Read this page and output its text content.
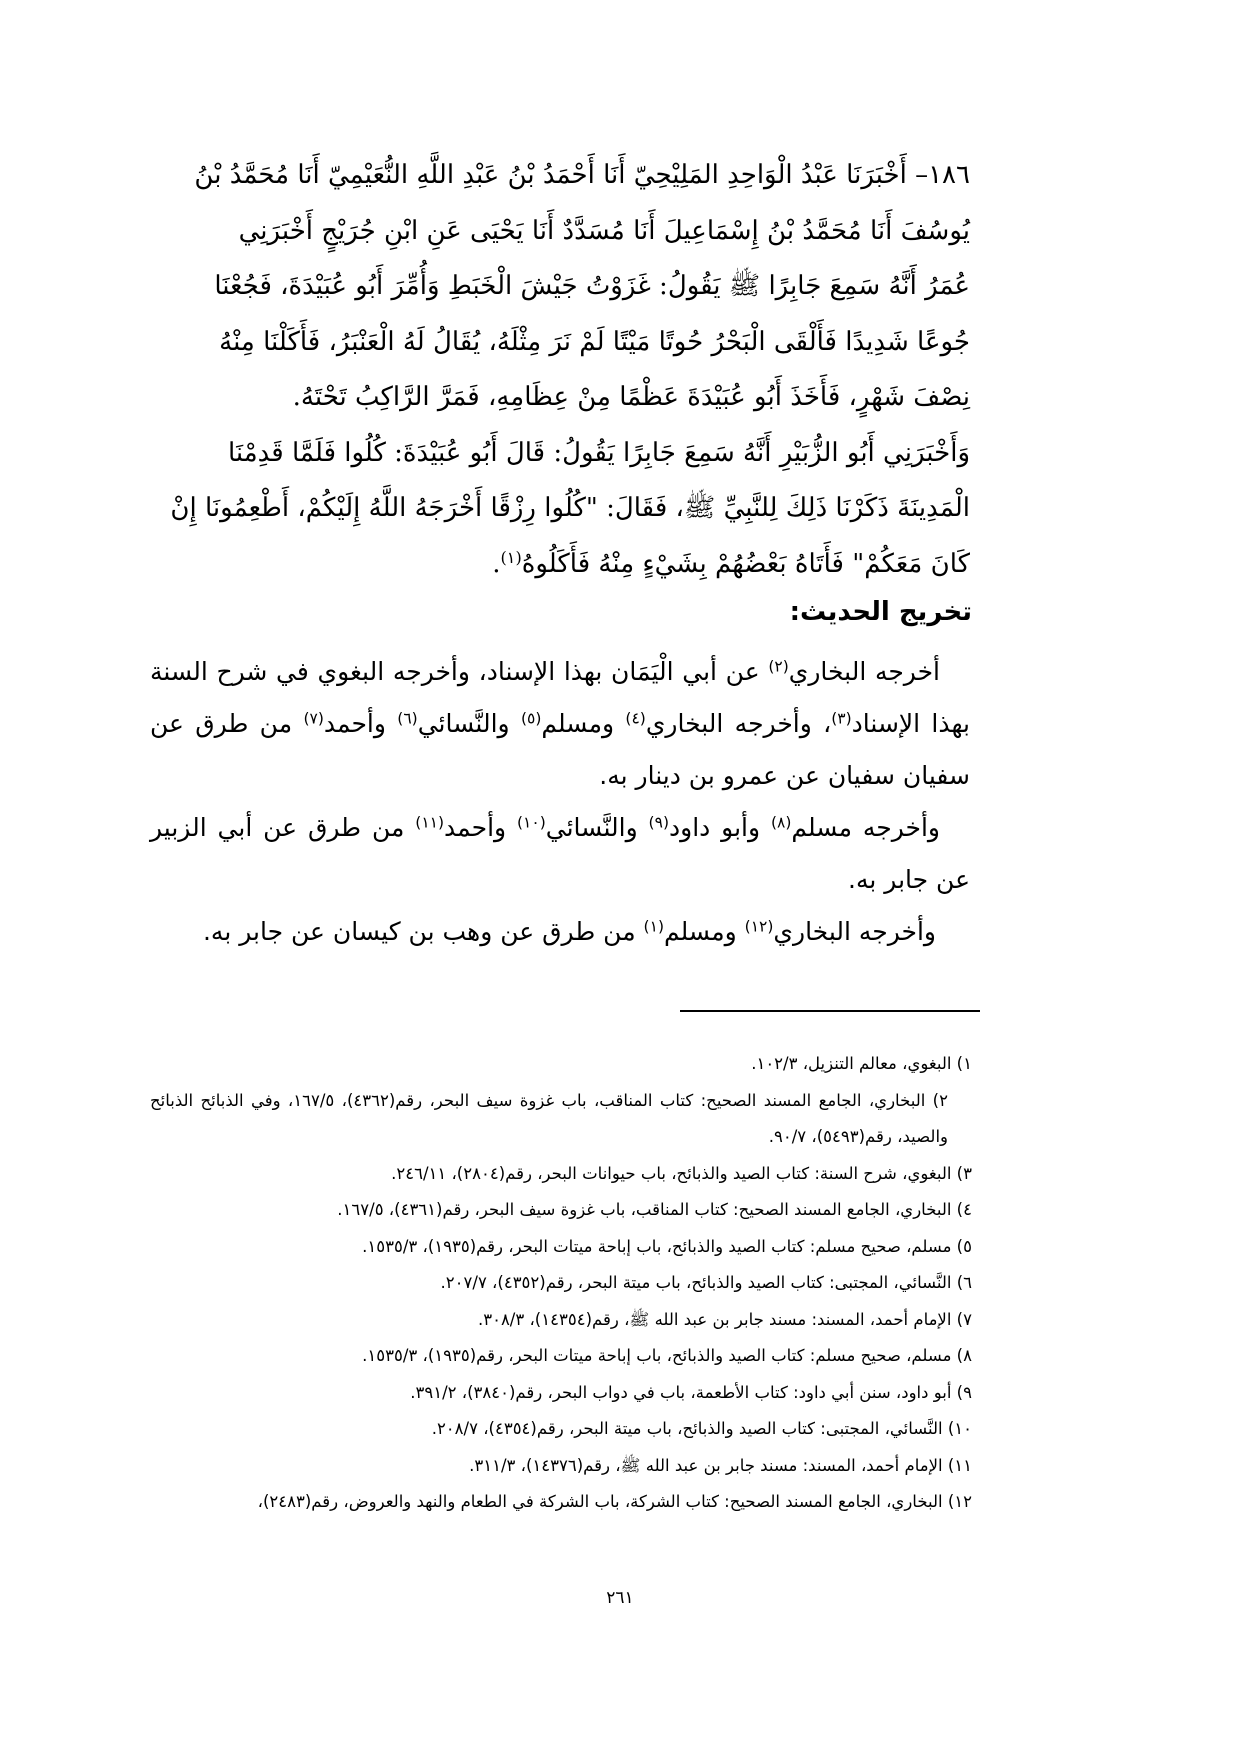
١٨٦– أَخْبَرَنَا عَبْدُ الْوَاحِدِ المَلِيْحِيّ أَنَا أَحْمَدُ بْنُ عَبْدِ اللَّهِ النُّعَيْمِيّ أَنَا مُحَمَّدُ بْنُ

يُوسُفَ أَنَا مُحَمَّدُ بْنُ إِسْمَاعِيلَ أَنَا مُسَدَّدٌ أَنَا يَحْيَى عَنِ ابْنِ جُرَيْجٍ أَخْبَرَنِي

عُمَرُ أَنَّهُ سَمِعَ جَابِرًا ﷺ يَقُولُ: غَزَوْتُ جَيْشَ الْخَبَطِ وَأُمِّرَ أَبُو عُبَيْدَةَ، فَجُعْنَا

جُوعًا شَدِيدًا فَأَلْقَى الْبَحْرُ حُوتًا مَيْتًا لَمْ نَرَ مِثْلَهُ، يُقَالُ لَهُ الْعَنْبَرُ، فَأَكَلْنَا مِنْهُ

نِصْفَ شَهْرٍ، فَأَخَذَ أَبُو عُبَيْدَةَ عَظْمًا مِنْ عِظَامِهِ، فَمَرَّ الرَّاكِبُ تَحْتَهُ.

وَأَخْبَرَنِي أَبُو الزُّبَيْرِ أَنَّهُ سَمِعَ جَابِرًا يَقُولُ: قَالَ أَبُو عُبَيْدَةَ: كُلُوا فَلَمَّا قَدِمْنَا

الْمَدِينَةَ ذَكَرْنَا ذَلِكَ لِلنَّبِيِّ ﷺ، فَقَالَ: "كُلُوا رِزْقًا أَخْرَجَهُ اللَّهُ إِلَيْكُمْ، أَطْعِمُونَا إِنْ

كَانَ مَعَكُمْ" فَأَتَاهُ بَعْضُهُمْ بِشَيْءٍ مِنْهُ فَأَكَلُوهُ$^{(١)}$.

تخريج الحديث:

أخرجه البخاري$^{(٢)}$ عن أبي الْيَمَان بهذا الإسناد، وأخرجه البغوي في شرح السنة بهذا الإسناد$^{(٣)}$، وأخرجه البخاري$^{(٤)}$ ومسلم$^{(٥)}$ والنَّسائي$^{(٦)}$ وأحمد$^{(٧)}$ من طرق عن سفيان سفيان عن عمرو بن دينار به.

وأخرجه مسلم$^{(٨)}$ وأبو داود$^{(٩)}$ والنَّسائي$^{(١٠)}$ وأحمد$^{(١١)}$ من طرق عن أبي الزبير عن جابر به.

وأخرجه البخاري$^{(١٢)}$ ومسلم$^{(١)}$ من طرق عن وهب بن كيسان عن جابر به.

١) البغوي، معالم التنزيل، ١٠٢/٣.

٢) البخاري، الجامع المسند الصحيح: كتاب المناقب، باب غزوة سيف البحر، رقم(٤٣٦٢)، ١٦٧/٥، وفي الذبائح الذبائح والصيد، رقم(٥٤٩٣)، ٩٠/٧.

٣) البغوي، شرح السنة: كتاب الصيد والذبائح، باب حيوانات البحر، رقم(٢٨٠٤)، ٢٤٦/١١.

٤) البخاري، الجامع المسند الصحيح: كتاب المناقب، باب غزوة سيف البحر، رقم(٤٣٦١)، ١٦٧/٥.

٥) مسلم، صحيح مسلم: كتاب الصيد والذبائح، باب إباحة ميتات البحر، رقم(١٩٣٥)، ١٥٣٥/٣.

٦) النَّسائي، المجتبى: كتاب الصيد والذبائح، باب ميتة البحر، رقم(٤٣٥٢)، ٢٠٧/٧.

٧) الإمام أحمد، المسند: مسند جابر بن عبد الله ﷺ، رقم(١٤٣٥٤)، ٣٠٨/٣.

٨) مسلم، صحيح مسلم: كتاب الصيد والذبائح، باب إباحة ميتات البحر، رقم(١٩٣٥)، ١٥٣٥/٣.

٩) أبو داود، سنن أبي داود: كتاب الأطعمة، باب في دواب البحر، رقم(٣٨٤٠)، ٣٩١/٢.

١٠) النَّسائي، المجتبى: كتاب الصيد والذبائح، باب ميتة البحر، رقم(٤٣٥٤)، ٢٠٨/٧.

١١) الإمام أحمد، المسند: مسند جابر بن عبد الله ﷺ، رقم(١٤٣٧٦)، ٣١١/٣.

١٢) البخاري، الجامع المسند الصحيح: كتاب الشركة، باب الشركة في الطعام والنهد والعروض، رقم(٢٤٨٣)،

٢٦١
